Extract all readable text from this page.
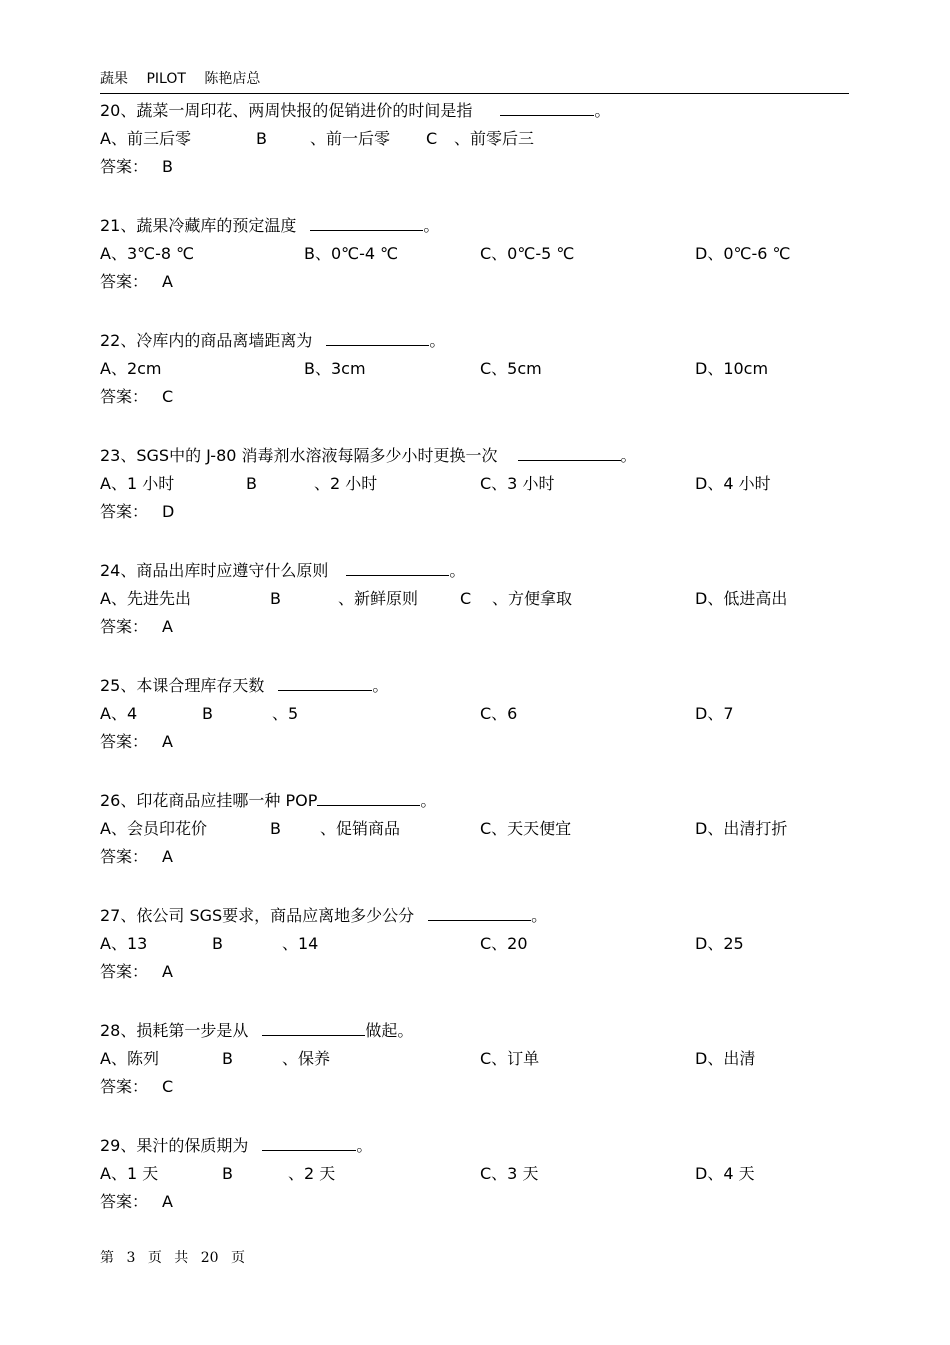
蔬果 PILOT 陈艳店总
20、蔬菜一周印花、两周快报的促销进价的时间是指	。
A、前三后零	B	、前一后零 C 、前零后三
答案： B
21、蔬果冷藏库的预定温度	。
A、3℃-8 ℃	B、0℃-4 ℃	C、0℃-5 ℃	D、0℃-6 ℃
答案： A
22、冷库内的商品离墙距离为	。
A、2cm	B、3cm	C、5cm	D、10cm
答案： C
23、SGS中的 J-80 消毒剂水溶液每隔多少小时更换一次	。
A、1 小时	B	、2 小时	C、3 小时	D、4 小时
答案： D
24、商品出库时应遵守什么原则	。
A、先进先出	B	、新鲜原则	C 、方便拿取	D、低进高出
答案： A
25、本课合理库存天数	。
A、4	B	、5	C、6	D、7
答案： A
26、印花商品应挂哪一种 POP	。
A、会员印花价	B 、促销商品	C、天天便宜	D、出清打折
答案： A
27、依公司 SGS要求，商品应离地多少公分	。
A、13	B	、14	C、20	D、25
答案： A
28、损耗第一步是从	做起。
A、陈列	B	、保养	C、订单	D、出清
答案： C
29、果汁的保质期为	。
A、1 天	B	、2 天	C、3 天	D、4 天
答案： A
第 3 页 共 20 页
